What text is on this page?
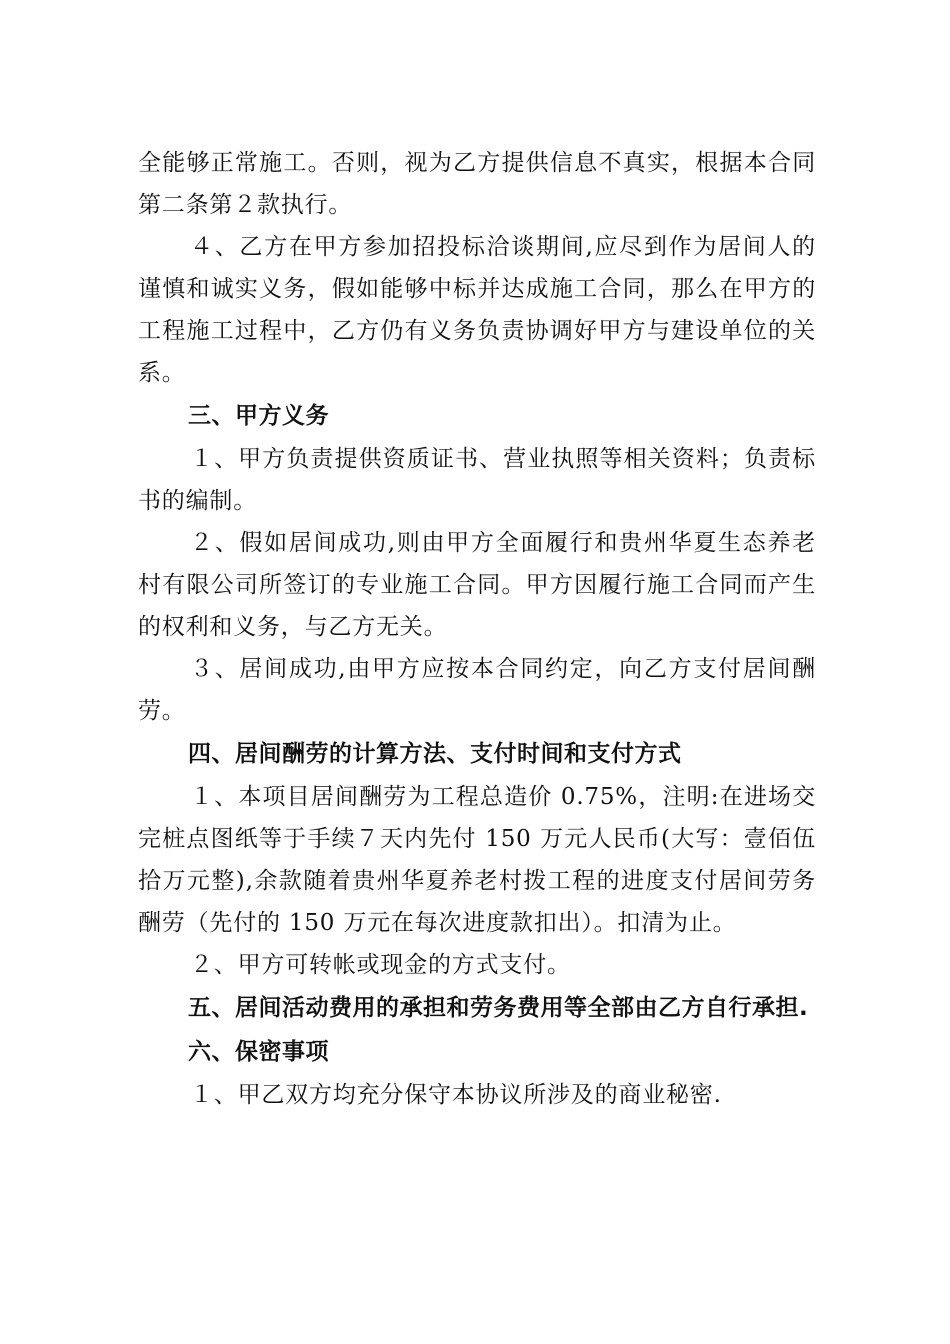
全能够正常施工。否则，视为乙方提供信息不真实，根据本合同第二条第２款执行。

４、乙方在甲方参加招投标洽谈期间,应尽到作为居间人的谨慎和诚实义务，假如能够中标并达成施工合同，那么在甲方的工程施工过程中，乙方仍有义务负责协调好甲方与建设单位的关系。

三、甲方义务

１、甲方负责提供资质证书、营业执照等相关资料；负责标书的编制。

２、假如居间成功,则由甲方全面履行和贵州华夏生态养老村有限公司所签订的专业施工合同。甲方因履行施工合同而产生的权利和义务，与乙方无关。

３、居间成功,由甲方应按本合同约定，向乙方支付居间酬劳。

四、居间酬劳的计算方法、支付时间和支付方式

１、本项目居间酬劳为工程总造价 0.75%，注明:在进场交完桩点图纸等于手续７天内先付 150 万元人民币(大写：壹佰伍拾万元整),余款随着贵州华夏养老村拨工程的进度支付居间劳务酬劳（先付的 150 万元在每次进度款扣出）。扣清为止。

２、甲方可转帐或现金的方式支付。

五、居间活动费用的承担和劳务费用等全部由乙方自行承担.

六、保密事项

１、甲乙双方均充分保守本协议所涉及的商业秘密.
